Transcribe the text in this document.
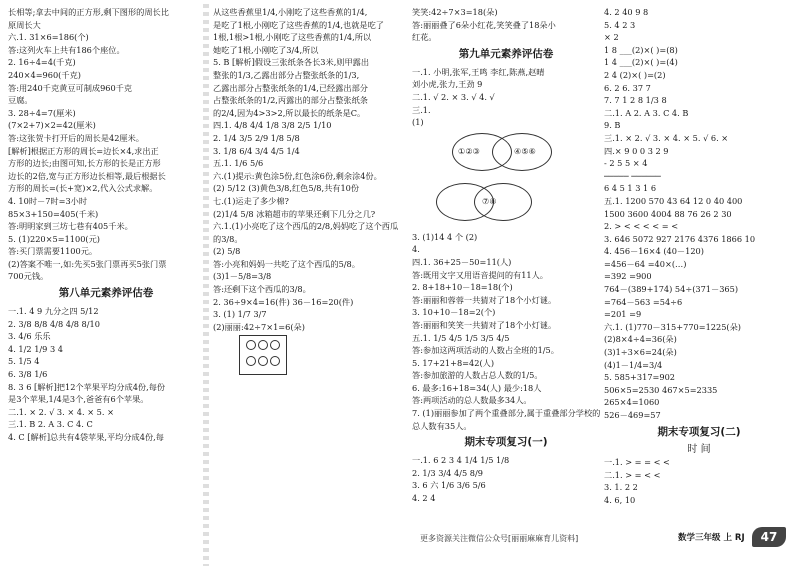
长相等;拿去中间的正方形,剩下图形的周长比
原周长大
六.1. 31×6=186(个)
答:这列火车上共有186个座位。
2. 16÷4=4(千克)
240×4=960(千克)
答:用240千克黄豆可制成960千克
豆腐。
3. 28÷4=7(厘米)
(7×2+7)×2=42(厘米)
答:这张贺卡打开后的周长是42厘米。
[解析]根据正方形的周长=边长×4,求出正
方形的边长;由图可知,长方形的长是正方形
边长的2倍,宽与正方形边长相等,最后根据长
方形的周长=(长+宽)×2,代入公式求解。
4. 10时－7时=3小时
85×3+150=405(千米)
答:明明家到三坊七巷有405千米。
5. (1)220×5=1100(元)
答:买门票需要1100元。
(2)答案不唯一,如:先买5张门票再买5张门票
700元钱。
第八单元素养评估卷
一.1. 4 9 九分之四 5/12
2. 3/8 8/8 4/8 4/8 8/10
3. 4/6 乐乐
4. 1/2 1/9 3 4
5. 1/5 4
6. 3/8 1/6
8. 3 6 [解析]把12个苹果平均分成4份,每份
是3个苹果,1/4是3个,爸爸有6个苹果。
二.1. × 2. √ 3. × 4. × 5. ×
三.1. B 2. A 3. C 4. C
4. C [解析]总共有4袋苹果,平均分成4份,每
从这些香蕉里1/4,小刚吃了这些香蕉的1/4,
是吃了1根,小刚吃了这些香蕉的1/4,也就是吃了
1根,1根>1根,小刚吃了这些香蕉的1/4,所以
她吃了1根,小刚吃了3/4,所以
5. B [解析]假设三张纸条各长3米,则甲露出
整张的1/3,乙露出部分占整张纸条的1/3,
乙露出部分占整张纸条的1/4,已经露出部分
占整张纸条的1/2,丙露出的部分占整张纸条
的2/4,因为4>3>2,所以最长的纸条是C。
四.1. 4/8 4/4 1/8 3/8 2/5 1/10
2. 1/4 3/5 2/9 1/8 5/8
3. 1/8 6/4 3/4 4/5 1/4
五.1. 1/6 5/6
六.(1)提示:黄色涂5份,红色涂6份,剩余涂4份。
(2) 5/12 (3)黄色3/8,红色5/8,共有10份
七.(1)运走了多少棉?
(2)1/4 5/8 冰箱超市的苹果还剩下几分之几?
六.1.(1)小亮吃了这个西瓜的2/8,妈妈吃了这个西瓜
的3/8。
(2) 5/8
答:小亮和妈妈一共吃了这个西瓜的5/8。
(3)1－5/8=3/8
答:还剩下这个西瓜的3/8。
2. 36÷9×4=16(件) 36－16=20(件)
3. (1) 1/7 3/7
(2)丽丽:42÷7×1=6(朵)

笑笑:42÷7×3=18(朵)
答:丽丽叠了6朵小红花,笑笑叠了18朵小
红花。
第九单元素养评估卷
一.1. 小明,张军,王鸣 李红,陈燕,赵晴
刘小虎,张力,王劲 9
二.1. √ 2. × 3. √ 4. √
三.1.
(1)
①②③	④⑤⑥
⑦⑧
3. (1)14 4 个 (2)
4.
四.1. 36+25－50=11(人)
答:既用文字又用语音提问的有11人。
2. 8+18+10－18=18(个)
答:丽丽和蓉蓉一共猜对了18个小灯谜。
3. 10+10－18=2(个)
答:丽丽和笑笑一共猜对了18个小灯谜。
五.1. 1/5 4/5 1/5 3/5 4/5
答:参加这两项活动的人数占全班的1/5。
5. 17+21+8=42(人)
答:参加旅游的人数占总人数的1/5。
6. 最多:16+18=34(人) 最少:18人
答:两项活动的总人数最多34人。
7. (1)丽丽参加了两个重叠部分,属于重叠部分学校的
总人数有35人。
期末专项复习(一)
一.1. 6 2 3 4 1/4 1/5 1/8
2. 1/3 3/4 4/5 8/9
3. 6 六 1/6 3/6 5/6
4. 2 4
4. 2 40 9 8
5. 4 2 3
× 2
1 8 ___(2)×( )=(8)
1 4 ___(2)×( )=(4)
2 4 (2)×( )=(2)
6. 2 6. 37 7
7. 7 1 2 8 1/3 8
二.1. A 2. A 3. C 4. B
9. B
三.1. × 2. √ 3. × 4. × 5. √ 6. ×
四.× 9 0 0 3 2 9
- 2 5 5 × 4
───── ──────
6 4 5 1 3 1 6
五.1. 1200 570 43 64 12 0 40 400
1500 3600 4004 88 76 26 2 30
2. > < < < < = <
3. 646 5072 927 2176 4376 1866 10
4. 456－16×4 (40－120)
=456－64 =40×(…)
=392 =900
764－(389+174) 54÷(371－365)
=764－563 =54÷6
=201 =9
六.1. (1)770－315+770=1225(朵)
(2)8×4÷4=36(朵)
(3)1÷3×6=24(朵)
(4)1－1/4=3/4
5. 585+317=902
506×5=2530 467×5=2335
265×4=1060
526－469=57
期末专项复习(二)
时 间
一.1. > = = < <
二.1. > = < <
3. 1. 2 2
4. 6, 10
更多资源关注微信公众号[丽丽麻麻育儿资料]	数学三年级 上 RJ	47
